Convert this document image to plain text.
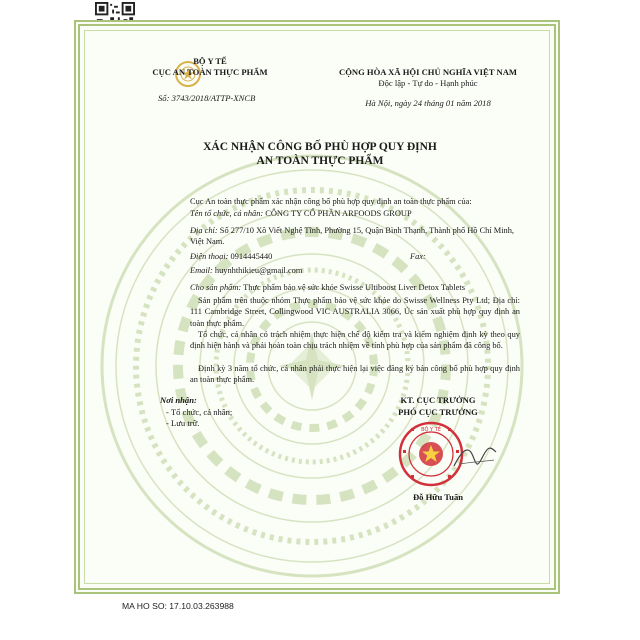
BỘ Y TẾ
CỤC AN TOÀN THỰC PHẨM
Số: 3743/2018/ATTP-XNCB
CỘNG HÒA XÃ HỘI CHỦ NGHĨA VIỆT NAM
Độc lập - Tự do - Hạnh phúc
Hà Nội, ngày 24 tháng 01 năm 2018
XÁC NHẬN CÔNG BỐ PHÙ HỢP QUY ĐỊNH
AN TOÀN THỰC PHẨM
Cục An toàn thực phẩm xác nhận công bố phù hợp quy định an toàn thực phẩm của:
Tên tổ chức, cá nhân: CÔNG TY CỔ PHẦN ARFOODS GROUP
Địa chỉ: Số 277/10 Xô Viết Nghệ Tĩnh, Phường 15, Quận Bình Thạnh, Thành phố Hồ Chí Minh, Việt Nam.
Điện thoại: 0914445440	Fax:
Email: huynhthikieu@gmail.com
Cho sản phẩm: Thực phẩm bảo vệ sức khỏe Swisse Ultiboost Liver Detox Tablets
Sản phẩm trên thuộc nhóm Thực phẩm bảo vệ sức khỏe do Swisse Wellness Pty Ltd; Địa chỉ: 111 Cambridge Street, Collingwood VIC AUSTRALIA 3066, Úc sản xuất phù hợp quy định an toàn thực phẩm.
Tổ chức, cá nhân có trách nhiệm thực hiện chế độ kiểm tra và kiểm nghiệm định kỳ theo quy định hiện hành và phải hoàn toàn chịu trách nhiệm về tính phù hợp của sản phẩm đã công bố.
Định kỳ 3 năm tổ chức, cá nhân phải thực hiện lại việc đăng ký bản công bố phù hợp quy định an toàn thực phẩm.
Nơi nhận:
- Tổ chức, cá nhân;
- Lưu trữ.
KT. CỤC TRƯỞNG
PHÓ CỤC TRƯỞNG
BỘ Y TẾ
Đỗ Hữu Tuấn
MA HO SO: 17.10.03.263988
